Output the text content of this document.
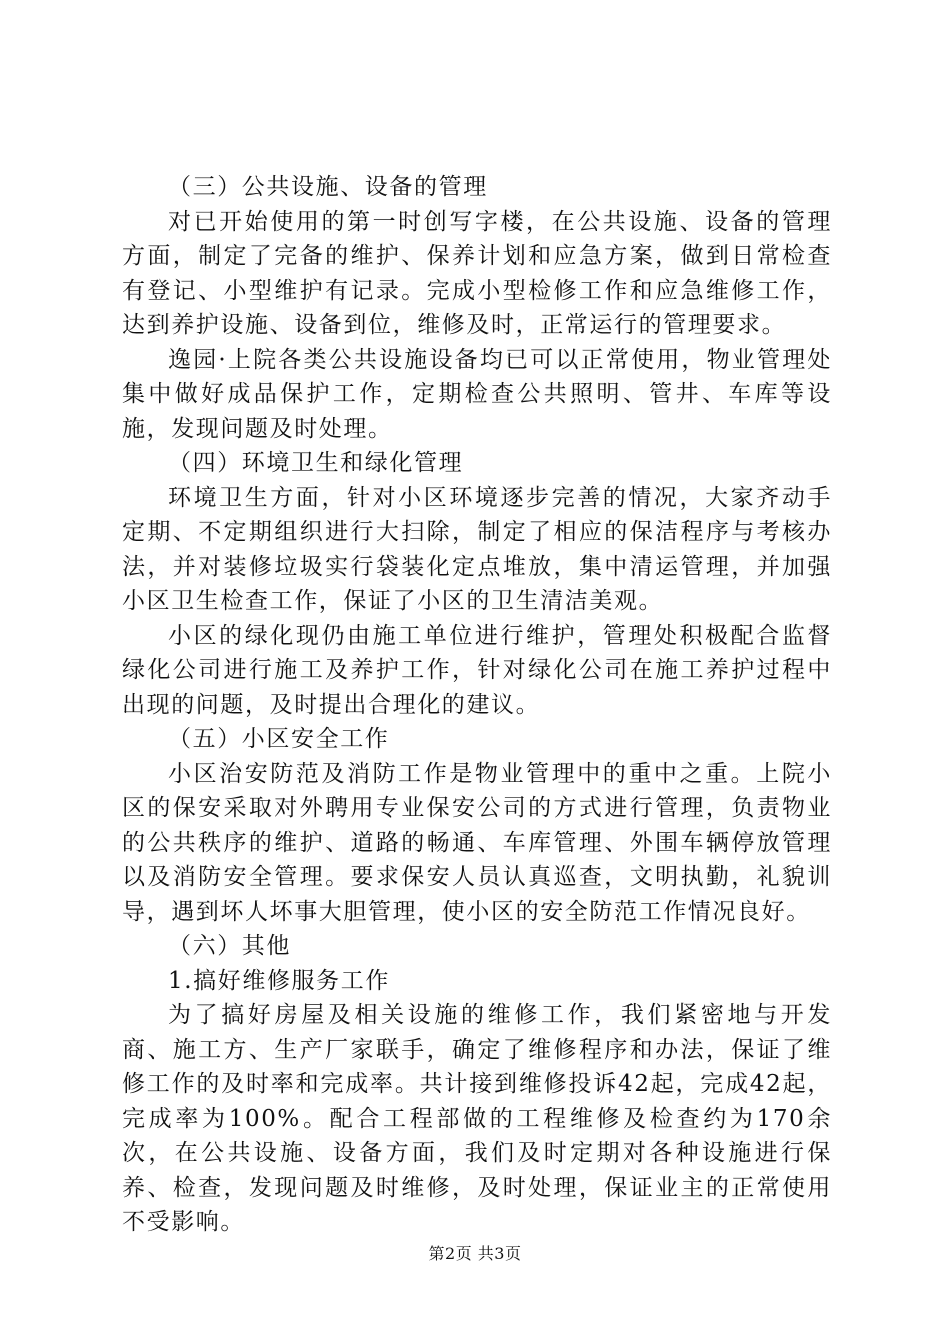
（三）公共设施、设备的管理

对已开始使用的第一时创写字楼，在公共设施、设备的管理方面，制定了完备的维护、保养计划和应急方案，做到日常检查有登记、小型维护有记录。完成小型检修工作和应急维修工作，达到养护设施、设备到位，维修及时，正常运行的管理要求。

逸园·上院各类公共设施设备均已可以正常使用，物业管理处集中做好成品保护工作，定期检查公共照明、管井、车库等设施，发现问题及时处理。

（四）环境卫生和绿化管理

环境卫生方面，针对小区环境逐步完善的情况，大家齐动手定期、不定期组织进行大扫除，制定了相应的保洁程序与考核办法，并对装修垃圾实行袋装化定点堆放，集中清运管理，并加强小区卫生检查工作，保证了小区的卫生清洁美观。

小区的绿化现仍由施工单位进行维护，管理处积极配合监督绿化公司进行施工及养护工作，针对绿化公司在施工养护过程中出现的问题，及时提出合理化的建议。

（五）小区安全工作

小区治安防范及消防工作是物业管理中的重中之重。上院小区的保安采取对外聘用专业保安公司的方式进行管理，负责物业的公共秩序的维护、道路的畅通、车库管理、外围车辆停放管理以及消防安全管理。要求保安人员认真巡查，文明执勤，礼貌训导，遇到坏人坏事大胆管理，使小区的安全防范工作情况良好。

（六）其他

1.搞好维修服务工作

为了搞好房屋及相关设施的维修工作，我们紧密地与开发商、施工方、生产厂家联手，确定了维修程序和办法，保证了维修工作的及时率和完成率。共计接到维修投诉42起，完成42起，完成率为100%。配合工程部做的工程维修及检查约为170余次，在公共设施、设备方面，我们及时定期对各种设施进行保养、检查，发现问题及时维修，及时处理，保证业主的正常使用不受影响。

第2页 共3页
